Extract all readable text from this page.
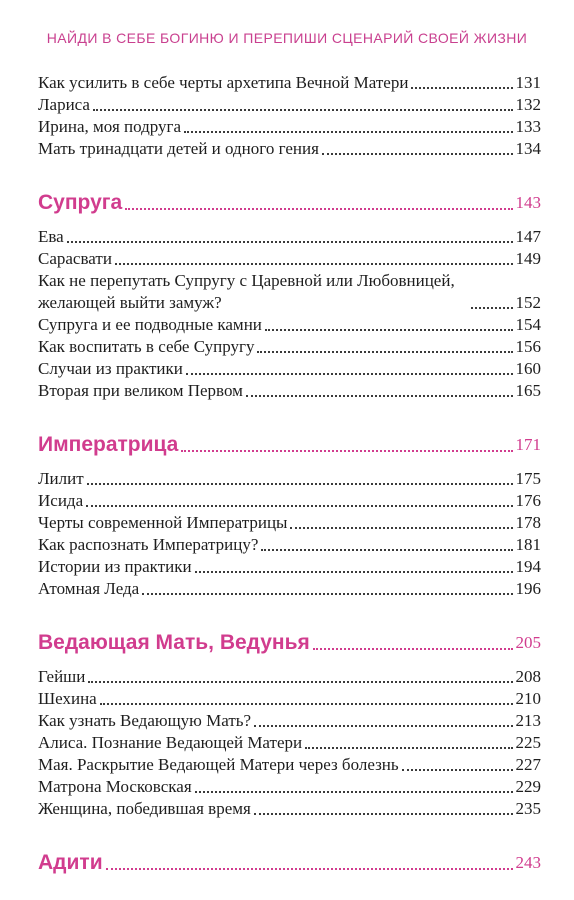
НАЙДИ В СЕБЕ БОГИНЮ И ПЕРЕПИШИ СЦЕНАРИЙ СВОЕЙ ЖИЗНИ
Как усилить в себе черты архетипа Вечной Матери	131
Лариса	132
Ирина, моя подруга	133
Мать тринадцати детей и одного гения	134
Супруга	143
Ева	147
Сарасвати	149
Как не перепутать Супругу с Царевной или Любовницей, желающей выйти замуж?	152
Супруга и ее подводные камни	154
Как воспитать в себе Супругу	156
Случаи из практики	160
Вторая при великом Первом	165
Императрица	171
Лилит	175
Исида	176
Черты современной Императрицы	178
Как распознать Императрицу?	181
Истории из практики	194
Атомная Леда	196
Ведающая Мать, Ведунья	205
Гейши	208
Шехина	210
Как узнать Ведающую Мать?	213
Алиса. Познание Ведающей Матери	225
Мая. Раскрытие Ведающей Матери через болезнь	227
Матрона Московская	229
Женщина, победившая время	235
Адити	243
